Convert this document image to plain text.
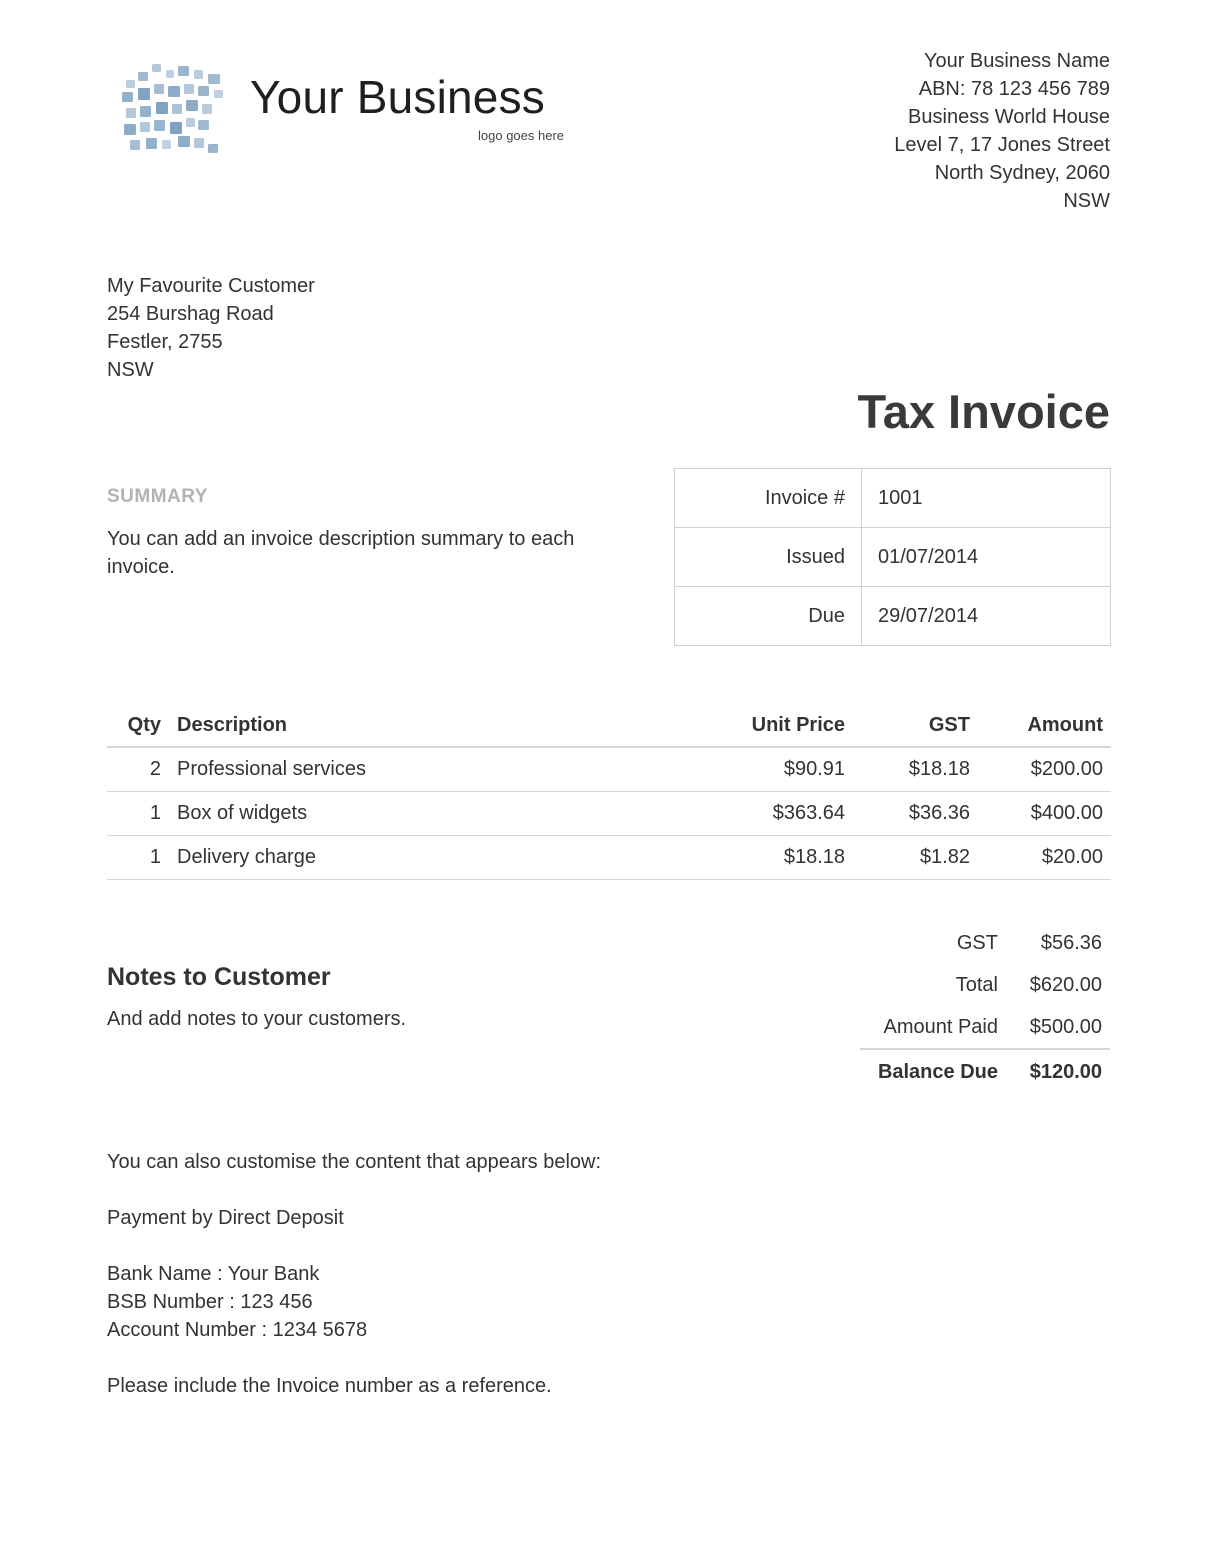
Your Business
logo goes here
Your Business Name
ABN: 78 123 456 789
Business World House
Level 7, 17 Jones Street
North Sydney, 2060
NSW
My Favourite Customer
254 Burshag Road
Festler, 2755
NSW
Tax Invoice
SUMMARY
You can add an invoice description summary to each invoice.
Invoice #	1001
Issued	01/07/2014
Due	29/07/2014
Qty	Description	Unit Price	GST	Amount
2	Professional services	$90.91	$18.18	$200.00
1	Box of widgets	$363.64	$36.36	$400.00
1	Delivery charge	$18.18	$1.82	$20.00
Notes to Customer
And add notes to your customers.
GST	$56.36
Total	$620.00
Amount Paid	$500.00
Balance Due	$120.00

You can also customise the content that appears below:

Payment by Direct Deposit

Bank Name : Your Bank
BSB Number : 123 456
Account Number : 1234 5678

Please include the Invoice number as a reference.
